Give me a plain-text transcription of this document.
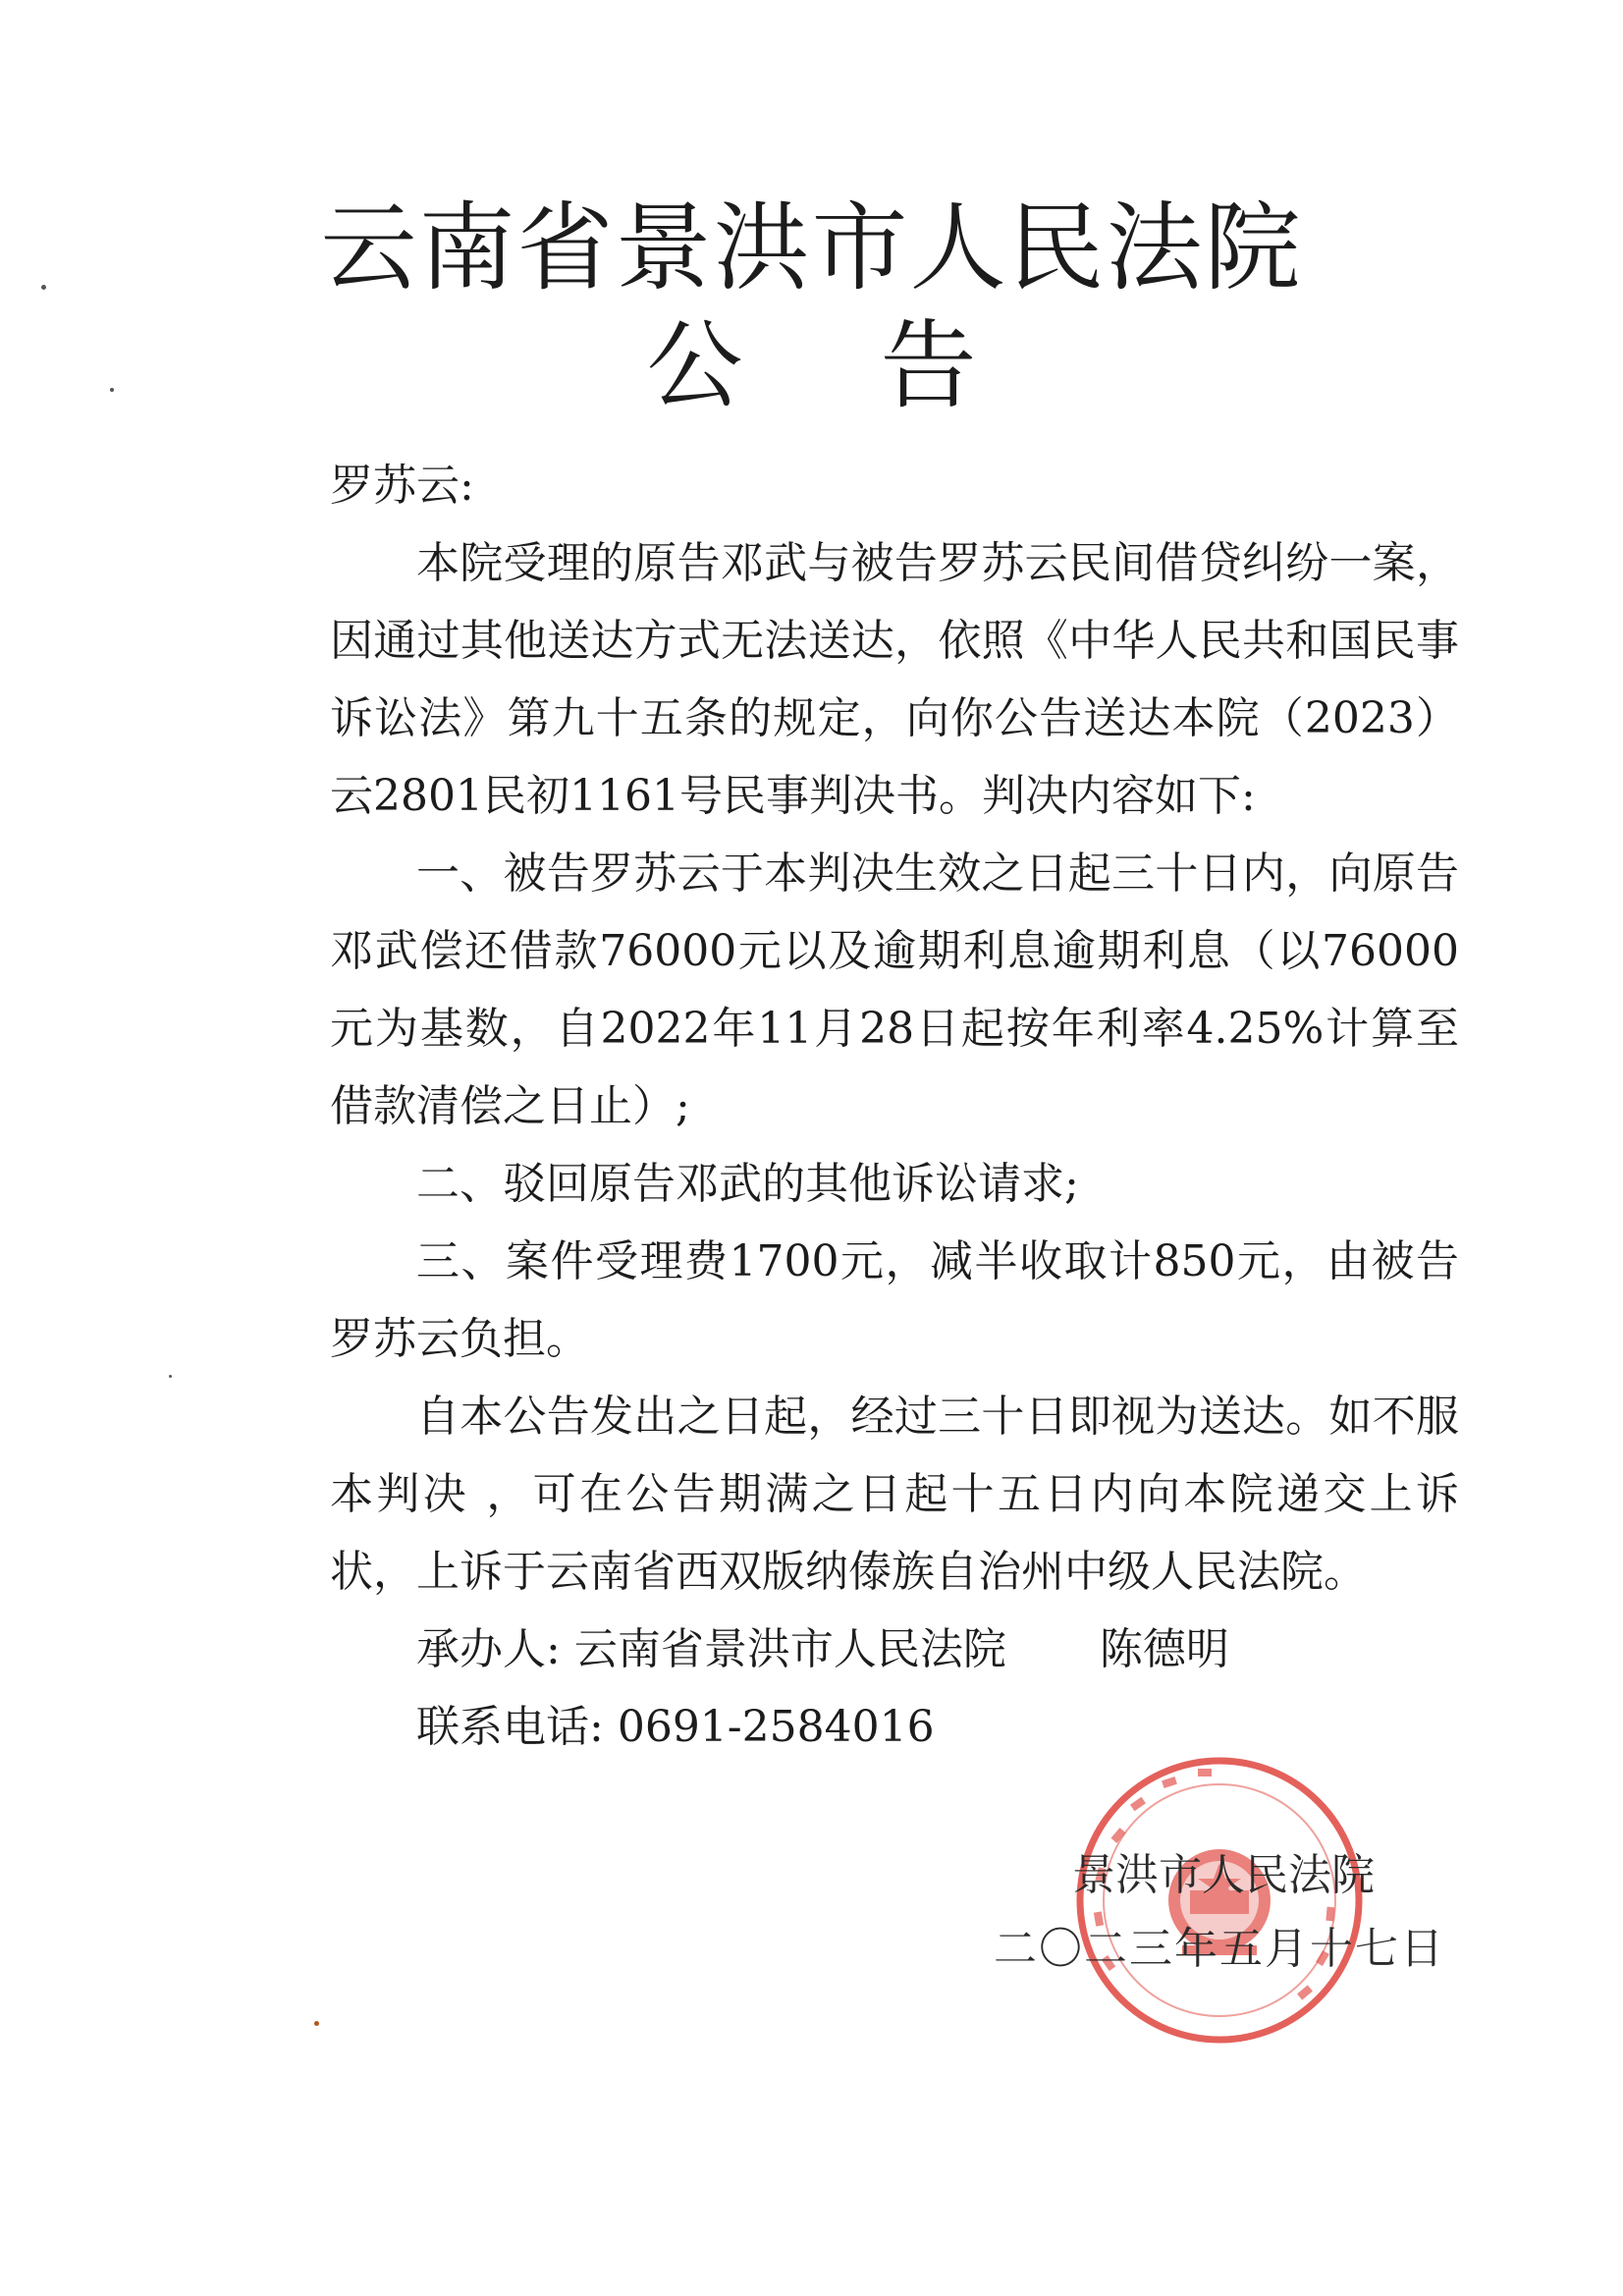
云南省景洪市人民法院
公告

罗苏云:

本院受理的原告邓武与被告罗苏云民间借贷纠纷一案，因通过其他送达方式无法送达，依照《中华人民共和国民事诉讼法》第九十五条的规定，向你公告送达本院（2023）云2801民初1161号民事判决书。判决内容如下:

一、被告罗苏云于本判决生效之日起三十日内，向原告邓武偿还借款76000元以及逾期利息逾期利息（以76000元为基数，自2022年11月28日起按年利率4.25%计算至借款清偿之日止）;

二、驳回原告邓武的其他诉讼请求;

三、案件受理费1700元，减半收取计850元，由被告罗苏云负担。

自本公告发出之日起，经过三十日即视为送达。如不服本判决 ，可在公告期满之日起十五日内向本院递交上诉状，上诉于云南省西双版纳傣族自治州中级人民法院。

承办人: 云南省景洪市人民法院 陈德明

联系电话: 0691-2584016

景洪市人民法院
二〇二三年五月十七日
